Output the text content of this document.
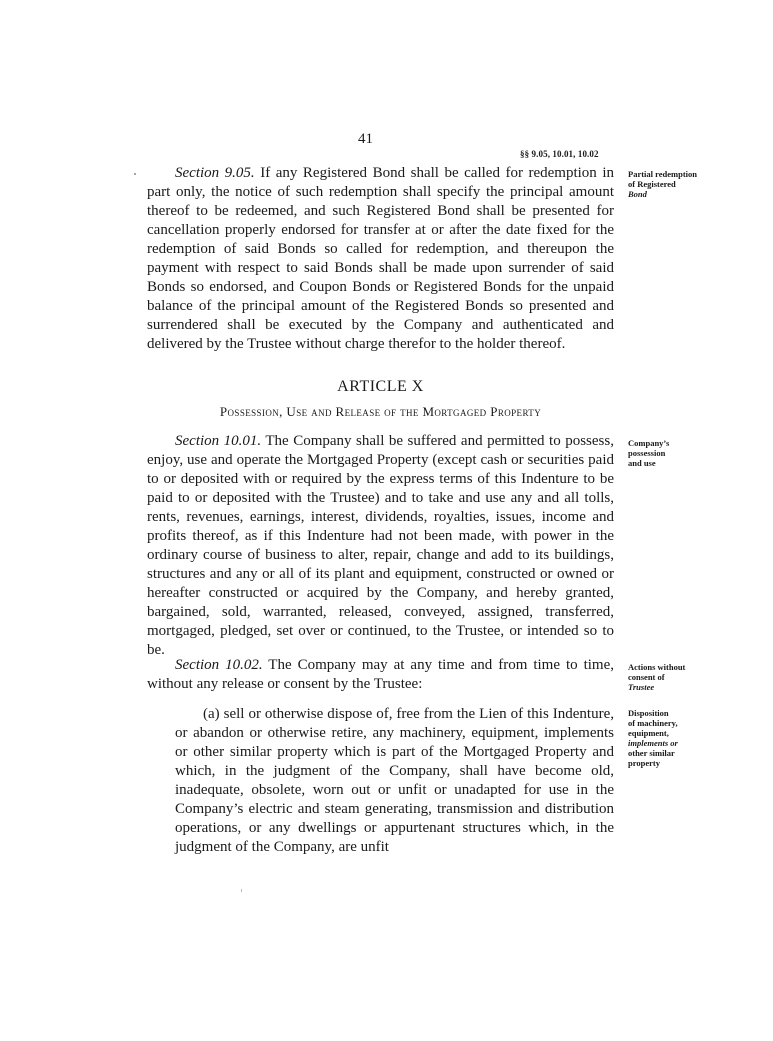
41
§§ 9.05, 10.01, 10.02

Section 9.05. If any Registered Bond shall be called for redemption in part only, the notice of such redemption shall specify the principal amount thereof to be redeemed, and such Registered Bond shall be presented for cancellation properly endorsed for transfer at or after the date fixed for the redemption of said Bonds so called for redemption, and thereupon the payment with respect to said Bonds shall be made upon surrender of said Bonds so endorsed, and Coupon Bonds or Registered Bonds for the unpaid balance of the principal amount of the Registered Bonds so presented and surrendered shall be executed by the Company and authenticated and delivered by the Trustee without charge therefor to the holder thereof.

Partial redemption
of Registered
Bond
ARTICLE X
Possession, Use and Release of the Mortgaged Property

Section 10.01. The Company shall be suffered and permitted to possess, enjoy, use and operate the Mortgaged Property (except cash or securities paid to or deposited with or required by the express terms of this Indenture to be paid to or deposited with the Trustee) and to take and use any and all tolls, rents, revenues, earnings, interest, dividends, royalties, issues, income and profits thereof, as if this Indenture had not been made, with power in the ordinary course of business to alter, repair, change and add to its buildings, structures and any or all of its plant and equipment, constructed or owned or hereafter constructed or acquired by the Company, and hereby granted, bargained, sold, warranted, released, conveyed, assigned, transferred, mortgaged, pledged, set over or continued, to the Trustee, or intended so to be.

Company’s
possession
and use

Section 10.02. The Company may at any time and from time to time, without any release or consent by the Trustee:

Actions without
consent of
Trustee

(a) sell or otherwise dispose of, free from the Lien of this Indenture, or abandon or otherwise retire, any machinery, equipment, implements or other similar property which is part of the Mortgaged Property and which, in the judgment of the Company, shall have become old, inadequate, obsolete, worn out or unfit or unadapted for use in the Company’s electric and steam generating, transmission and distribution operations, or any dwellings or appurtenant structures which, in the judgment of the Company, are unfit

Disposition
of machinery,
equipment,
implements or
other similar
property
